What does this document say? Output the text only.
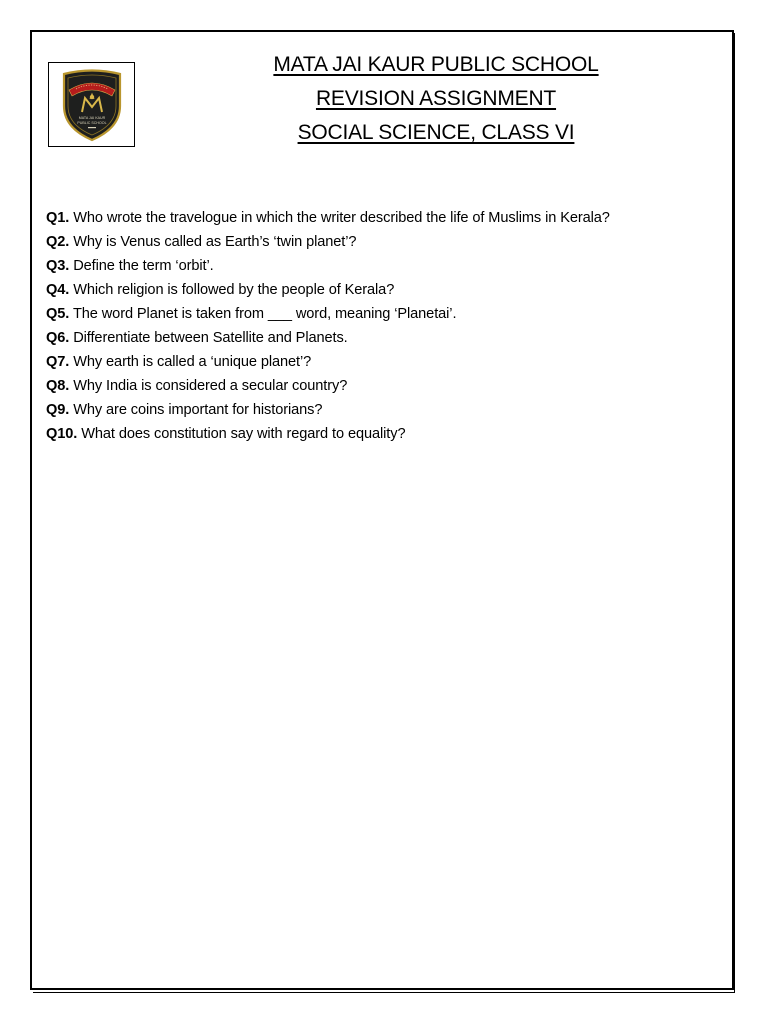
MATA JAI KAUR
PUBLIC SCHOOL
MATA JAI KAUR PUBLIC SCHOOL
REVISION ASSIGNMENT
SOCIAL SCIENCE, CLASS VI
Q1. Who wrote the travelogue in which the writer described the life of Muslims in Kerala?
Q2. Why is Venus called as Earth’s ‘twin planet’?
Q3. Define the term ‘orbit’.
Q4. Which religion is followed by the people of Kerala?
Q5. The word Planet is taken from ___ word, meaning ‘Planetai’.
Q6. Differentiate between Satellite and Planets.
Q7. Why earth is called a ‘unique planet’?
Q8. Why India is considered a secular country?
Q9. Why are coins important for historians?
Q10. What does constitution say with regard to equality?
